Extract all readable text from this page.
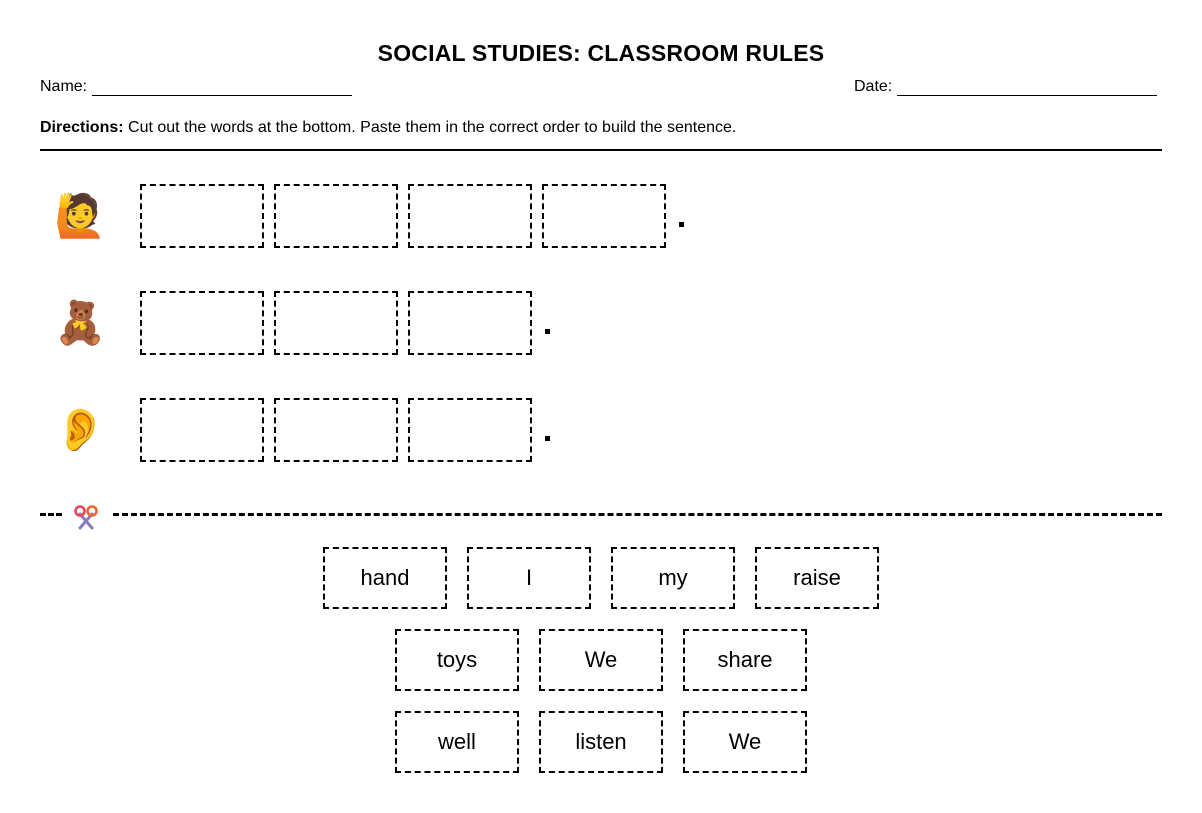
SOCIAL STUDIES: CLASSROOM RULES
Name:	Date:
Directions: Cut out the words at the bottom. Paste them in the correct order to build the sentence.
🙋
🧸
👂
hand	I	my	raise
toys	We	share
well	listen	We
